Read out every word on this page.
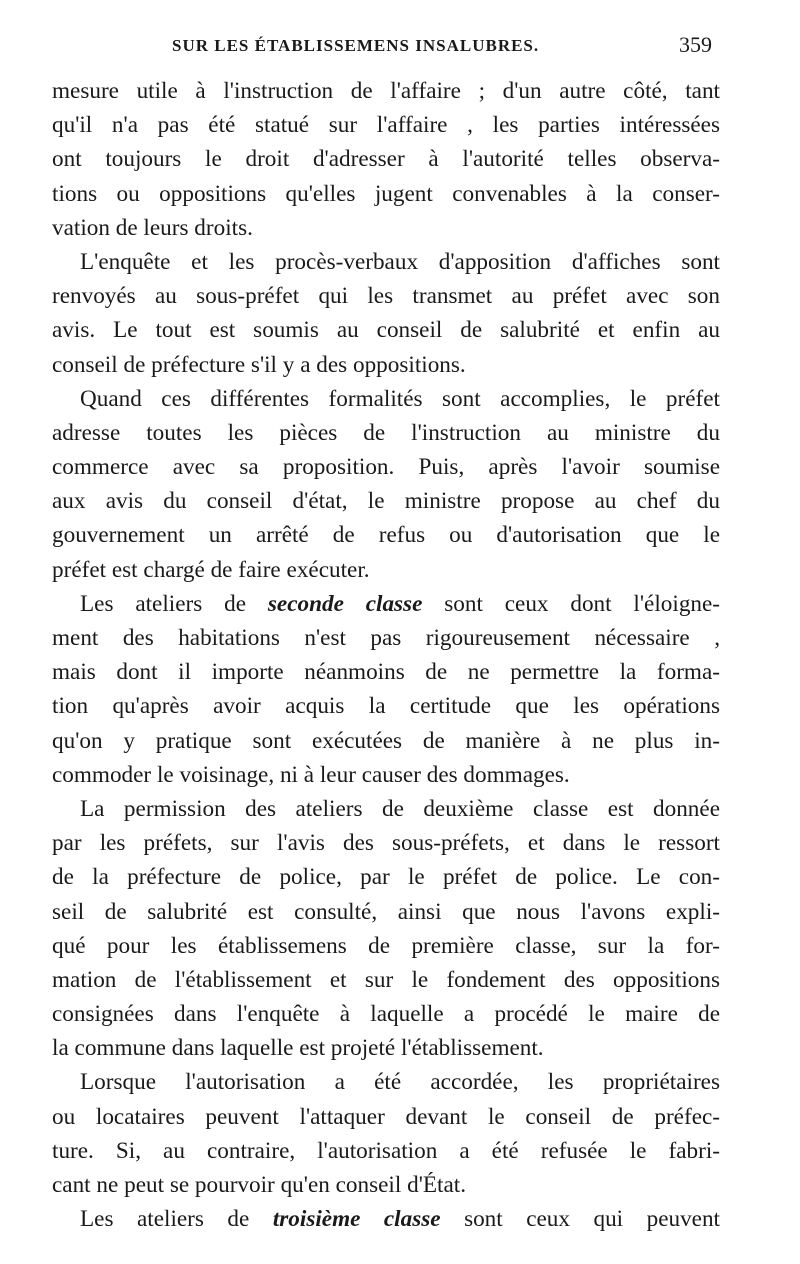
SUR LES ÉTABLISSEMENS INSALUBRES.	359
mesure utile à l'instruction de l'affaire ; d'un autre côté, tant
qu'il n'a pas été statué sur l'affaire , les parties intéressées
ont toujours le droit d'adresser à l'autorité telles observa-
tions ou oppositions qu'elles jugent convenables à la conser-
vation de leurs droits.
L'enquête et les procès-verbaux d'apposition d'affiches sont
renvoyés au sous-préfet qui les transmet au préfet avec son
avis. Le tout est soumis au conseil de salubrité et enfin au
conseil de préfecture s'il y a des oppositions.
Quand ces différentes formalités sont accomplies, le préfet
adresse toutes les pièces de l'instruction au ministre du
commerce avec sa proposition. Puis, après l'avoir soumise
aux avis du conseil d'état, le ministre propose au chef du
gouvernement un arrêté de refus ou d'autorisation que le
préfet est chargé de faire exécuter.
Les ateliers de seconde classe sont ceux dont l'éloigne-
ment des habitations n'est pas rigoureusement nécessaire ,
mais dont il importe néanmoins de ne permettre la forma-
tion qu'après avoir acquis la certitude que les opérations
qu'on y pratique sont exécutées de manière à ne plus in-
commoder le voisinage, ni à leur causer des dommages.
La permission des ateliers de deuxième classe est donnée
par les préfets, sur l'avis des sous-préfets, et dans le ressort
de la préfecture de police, par le préfet de police. Le con-
seil de salubrité est consulté, ainsi que nous l'avons expli-
qué pour les établissemens de première classe, sur la for-
mation de l'établissement et sur le fondement des oppositions
consignées dans l'enquête à laquelle a procédé le maire de
la commune dans laquelle est projeté l'établissement.
Lorsque l'autorisation a été accordée, les propriétaires
ou locataires peuvent l'attaquer devant le conseil de préfec-
ture. Si, au contraire, l'autorisation a été refusée le fabri-
cant ne peut se pourvoir qu'en conseil d'État.
Les ateliers de troisième classe sont ceux qui peuvent
